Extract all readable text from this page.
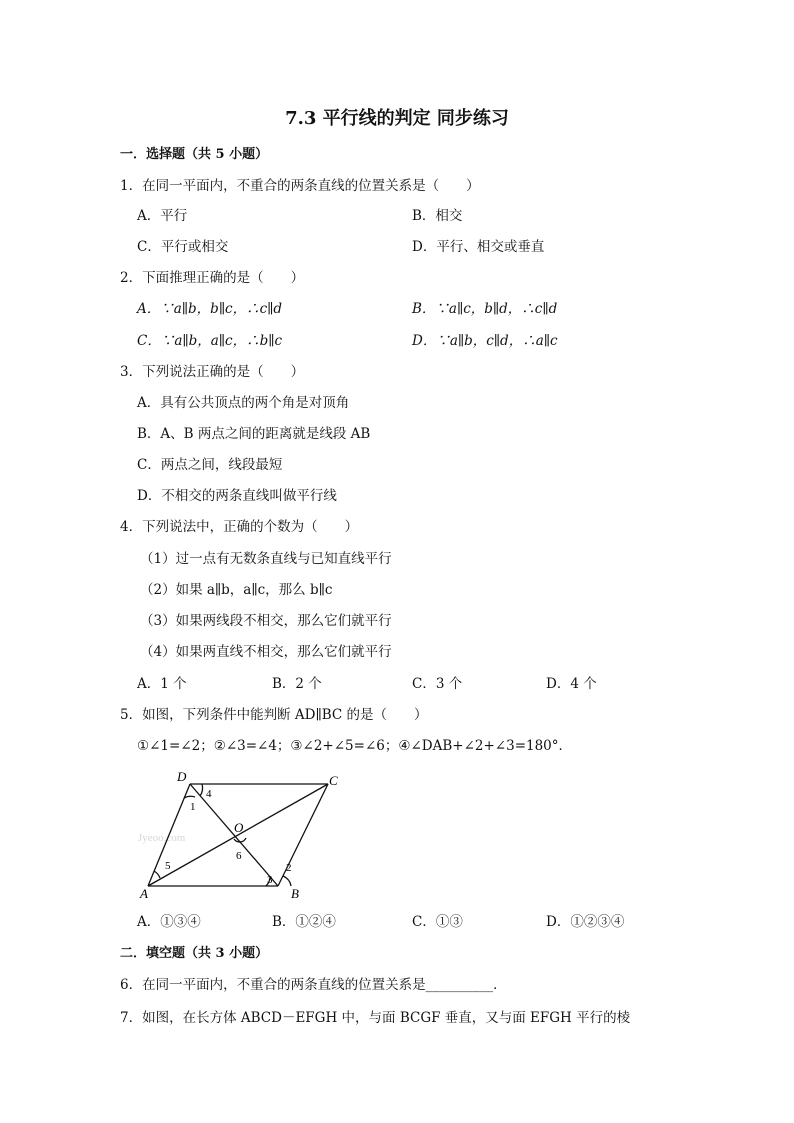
7.3 平行线的判定 同步练习
一．选择题（共 5 小题）
1．在同一平面内，不重合的两条直线的位置关系是（　　）
A．平行	B．相交
C．平行或相交	D．平行、相交或垂直
2．下面推理正确的是（　　）
A．∵a∥b，b∥c，∴c∥d	B．∵a∥c，b∥d，∴c∥d
C．∵a∥b，a∥c，∴b∥c	D．∵a∥b，c∥d，∴a∥c
3．下列说法正确的是（　　）
A．具有公共顶点的两个角是对顶角
B．A、B 两点之间的距离就是线段 AB
C．两点之间，线段最短
D．不相交的两条直线叫做平行线
4．下列说法中，正确的个数为（　　）
（1）过一点有无数条直线与已知直线平行
（2）如果 a∥b，a∥c，那么 b∥c
（3）如果两线段不相交，那么它们就平行
（4）如果两直线不相交，那么它们就平行
A．1 个	B．2 个	C．3 个	D．4 个
5．如图，下列条件中能判断 AD∥BC 的是（　　）
①∠1=∠2；②∠3=∠4；③∠2+∠5=∠6；④∠DAB+∠2+∠3=180°．
Jyeoo.com
D	C
A	B
O
1
2
3
4
5
6
A．①③④	B．①②④	C．①③	D．①②③④
二．填空题（共 3 小题）
6．在同一平面内，不重合的两条直线的位置关系是__________．
7．如图，在长方体 ABCD－EFGH 中，与面 BCGF 垂直，又与面 EFGH 平行的棱
